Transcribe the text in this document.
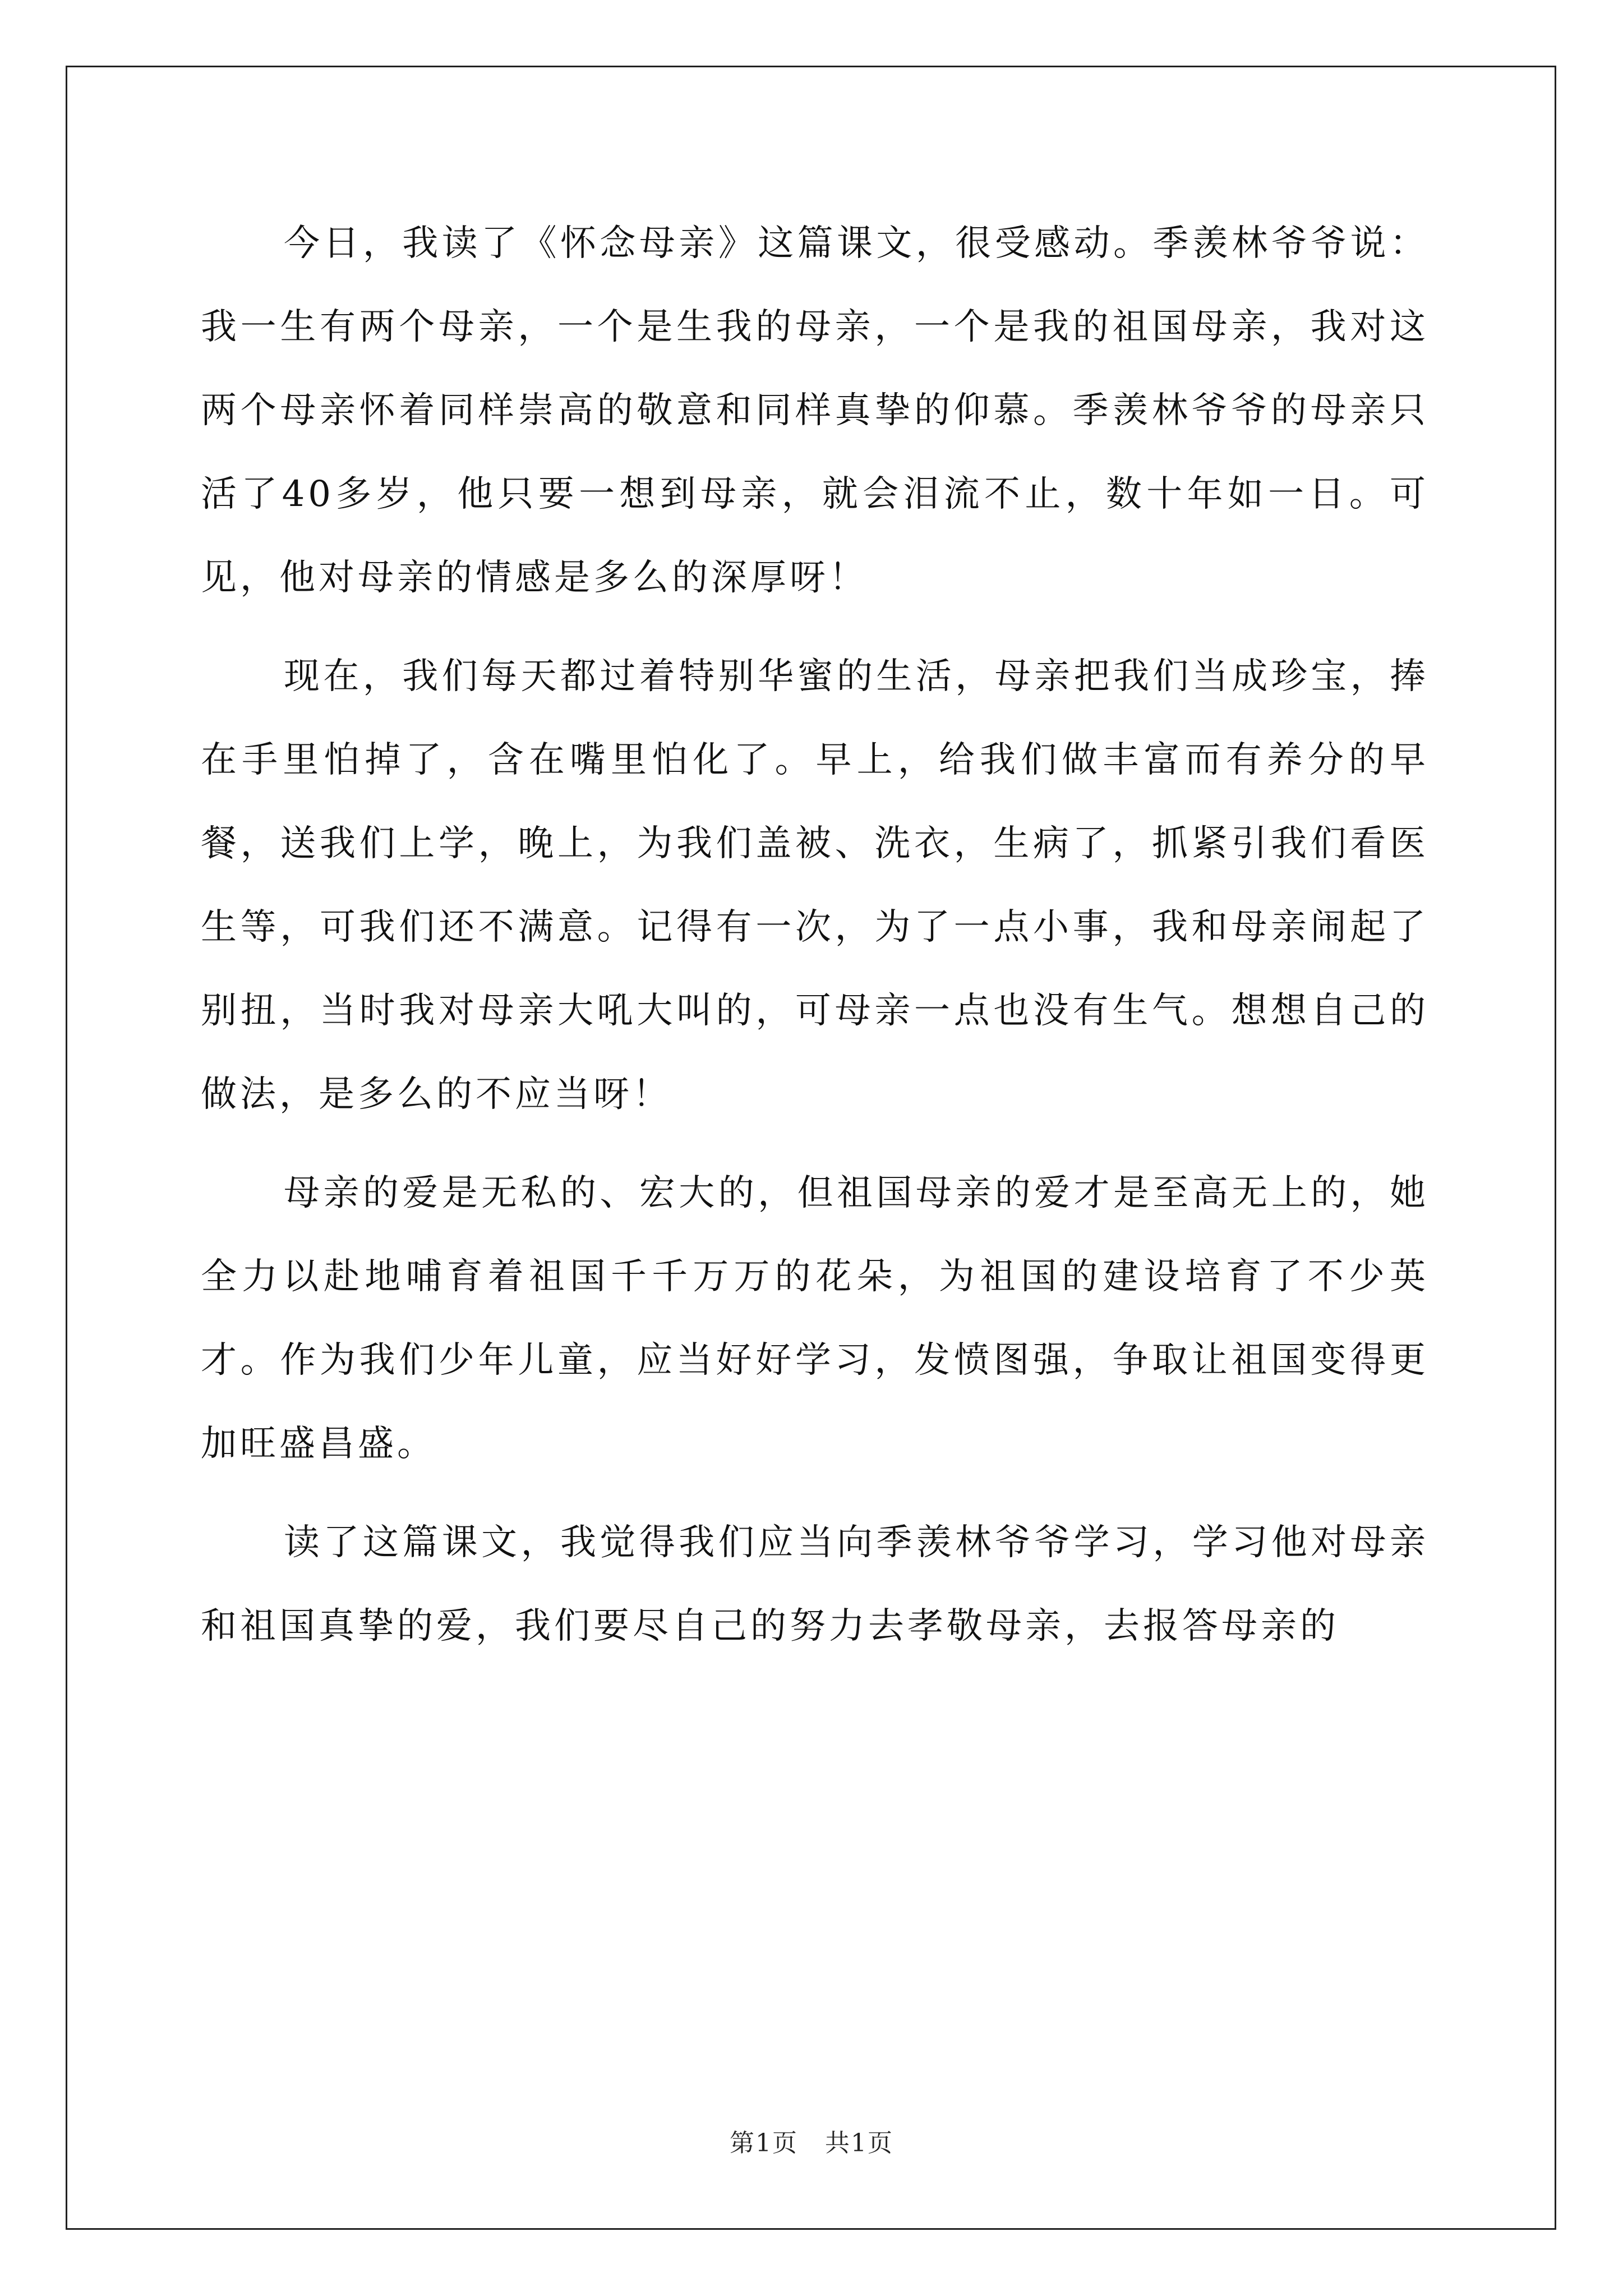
今日，我读了《怀念母亲》这篇课文，很受感动。季羡林爷爷说：我一生有两个母亲，一个是生我的母亲，一个是我的祖国母亲，我对这两个母亲怀着同样崇高的敬意和同样真挚的仰慕。季羡林爷爷的母亲只活了40多岁，他只要一想到母亲，就会泪流不止，数十年如一日。可见，他对母亲的情感是多么的深厚呀！

现在，我们每天都过着特别华蜜的生活，母亲把我们当成珍宝，捧在手里怕掉了，含在嘴里怕化了。早上，给我们做丰富而有养分的早餐，送我们上学，晚上，为我们盖被、洗衣，生病了，抓紧引我们看医生等，可我们还不满意。记得有一次，为了一点小事，我和母亲闹起了别扭，当时我对母亲大吼大叫的，可母亲一点也没有生气。想想自己的做法，是多么的不应当呀！

母亲的爱是无私的、宏大的，但祖国母亲的爱才是至高无上的，她全力以赴地哺育着祖国千千万万的花朵，为祖国的建设培育了不少英才。作为我们少年儿童，应当好好学习，发愤图强，争取让祖国变得更加旺盛昌盛。

读了这篇课文，我觉得我们应当向季羡林爷爷学习，学习他对母亲和祖国真挚的爱，我们要尽自己的努力去孝敬母亲，去报答母亲的

第1页   共1页
